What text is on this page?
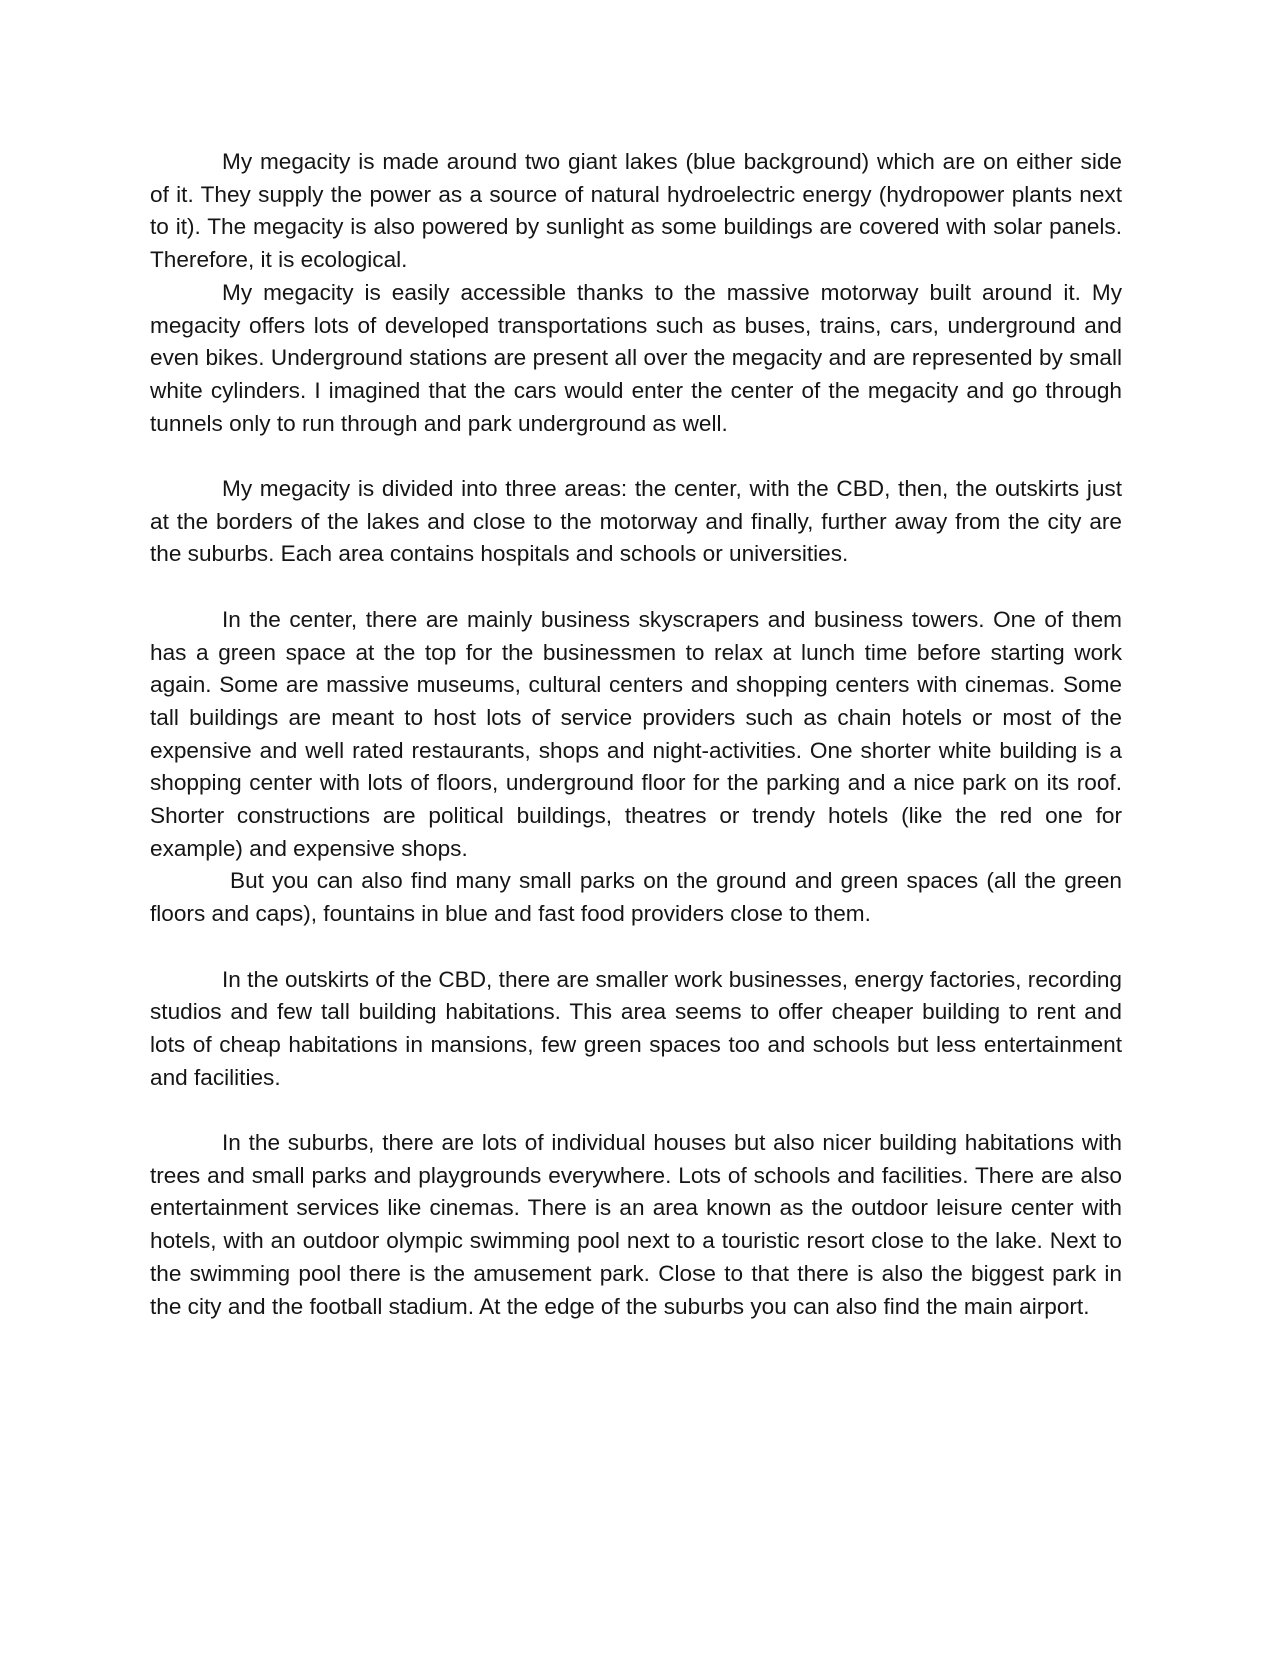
My megacity is made around two giant lakes (blue background) which are on either side of it. They supply the power as a source of natural hydroelectric energy (hydropower plants next to it). The megacity is also powered by sunlight as some buildings are covered with solar panels. Therefore, it is ecological.

My megacity is easily accessible thanks to the massive motorway built around it. My megacity offers lots of developed transportations such as buses, trains, cars, underground and even bikes. Underground stations are present all over the megacity and are represented by small white cylinders. I imagined that the cars would enter the center of the megacity and go through tunnels only to run through and park underground as well.

My megacity is divided into three areas: the center, with the CBD, then, the outskirts just at the borders of the lakes and close to the motorway and finally, further away from the city are the suburbs. Each area contains hospitals and schools or universities.

In the center, there are mainly business skyscrapers and business towers. One of them has a green space at the top for the businessmen to relax at lunch time before starting work again. Some are massive museums, cultural centers and shopping centers with cinemas. Some tall buildings are meant to host lots of service providers such as chain hotels or most of the expensive and well rated restaurants, shops and night-activities. One shorter white building is a shopping center with lots of floors, underground floor for the parking and a nice park on its roof. Shorter constructions are political buildings, theatres or trendy hotels (like the red one for example) and expensive shops.

But you can also find many small parks on the ground and green spaces (all the green floors and caps), fountains in blue and fast food providers close to them.

In the outskirts of the CBD, there are smaller work businesses, energy factories, recording studios and few tall building habitations. This area seems to offer cheaper building to rent and lots of cheap habitations in mansions, few green spaces too and schools but less entertainment and facilities.

In the suburbs, there are lots of individual houses but also nicer building habitations with trees and small parks and playgrounds everywhere. Lots of schools and facilities. There are also entertainment services like cinemas. There is an area known as the outdoor leisure center with hotels, with an outdoor olympic swimming pool next to a touristic resort close to the lake. Next to the swimming pool there is the amusement park. Close to that there is also the biggest park in the city and the football stadium. At the edge of the suburbs you can also find the main airport.
